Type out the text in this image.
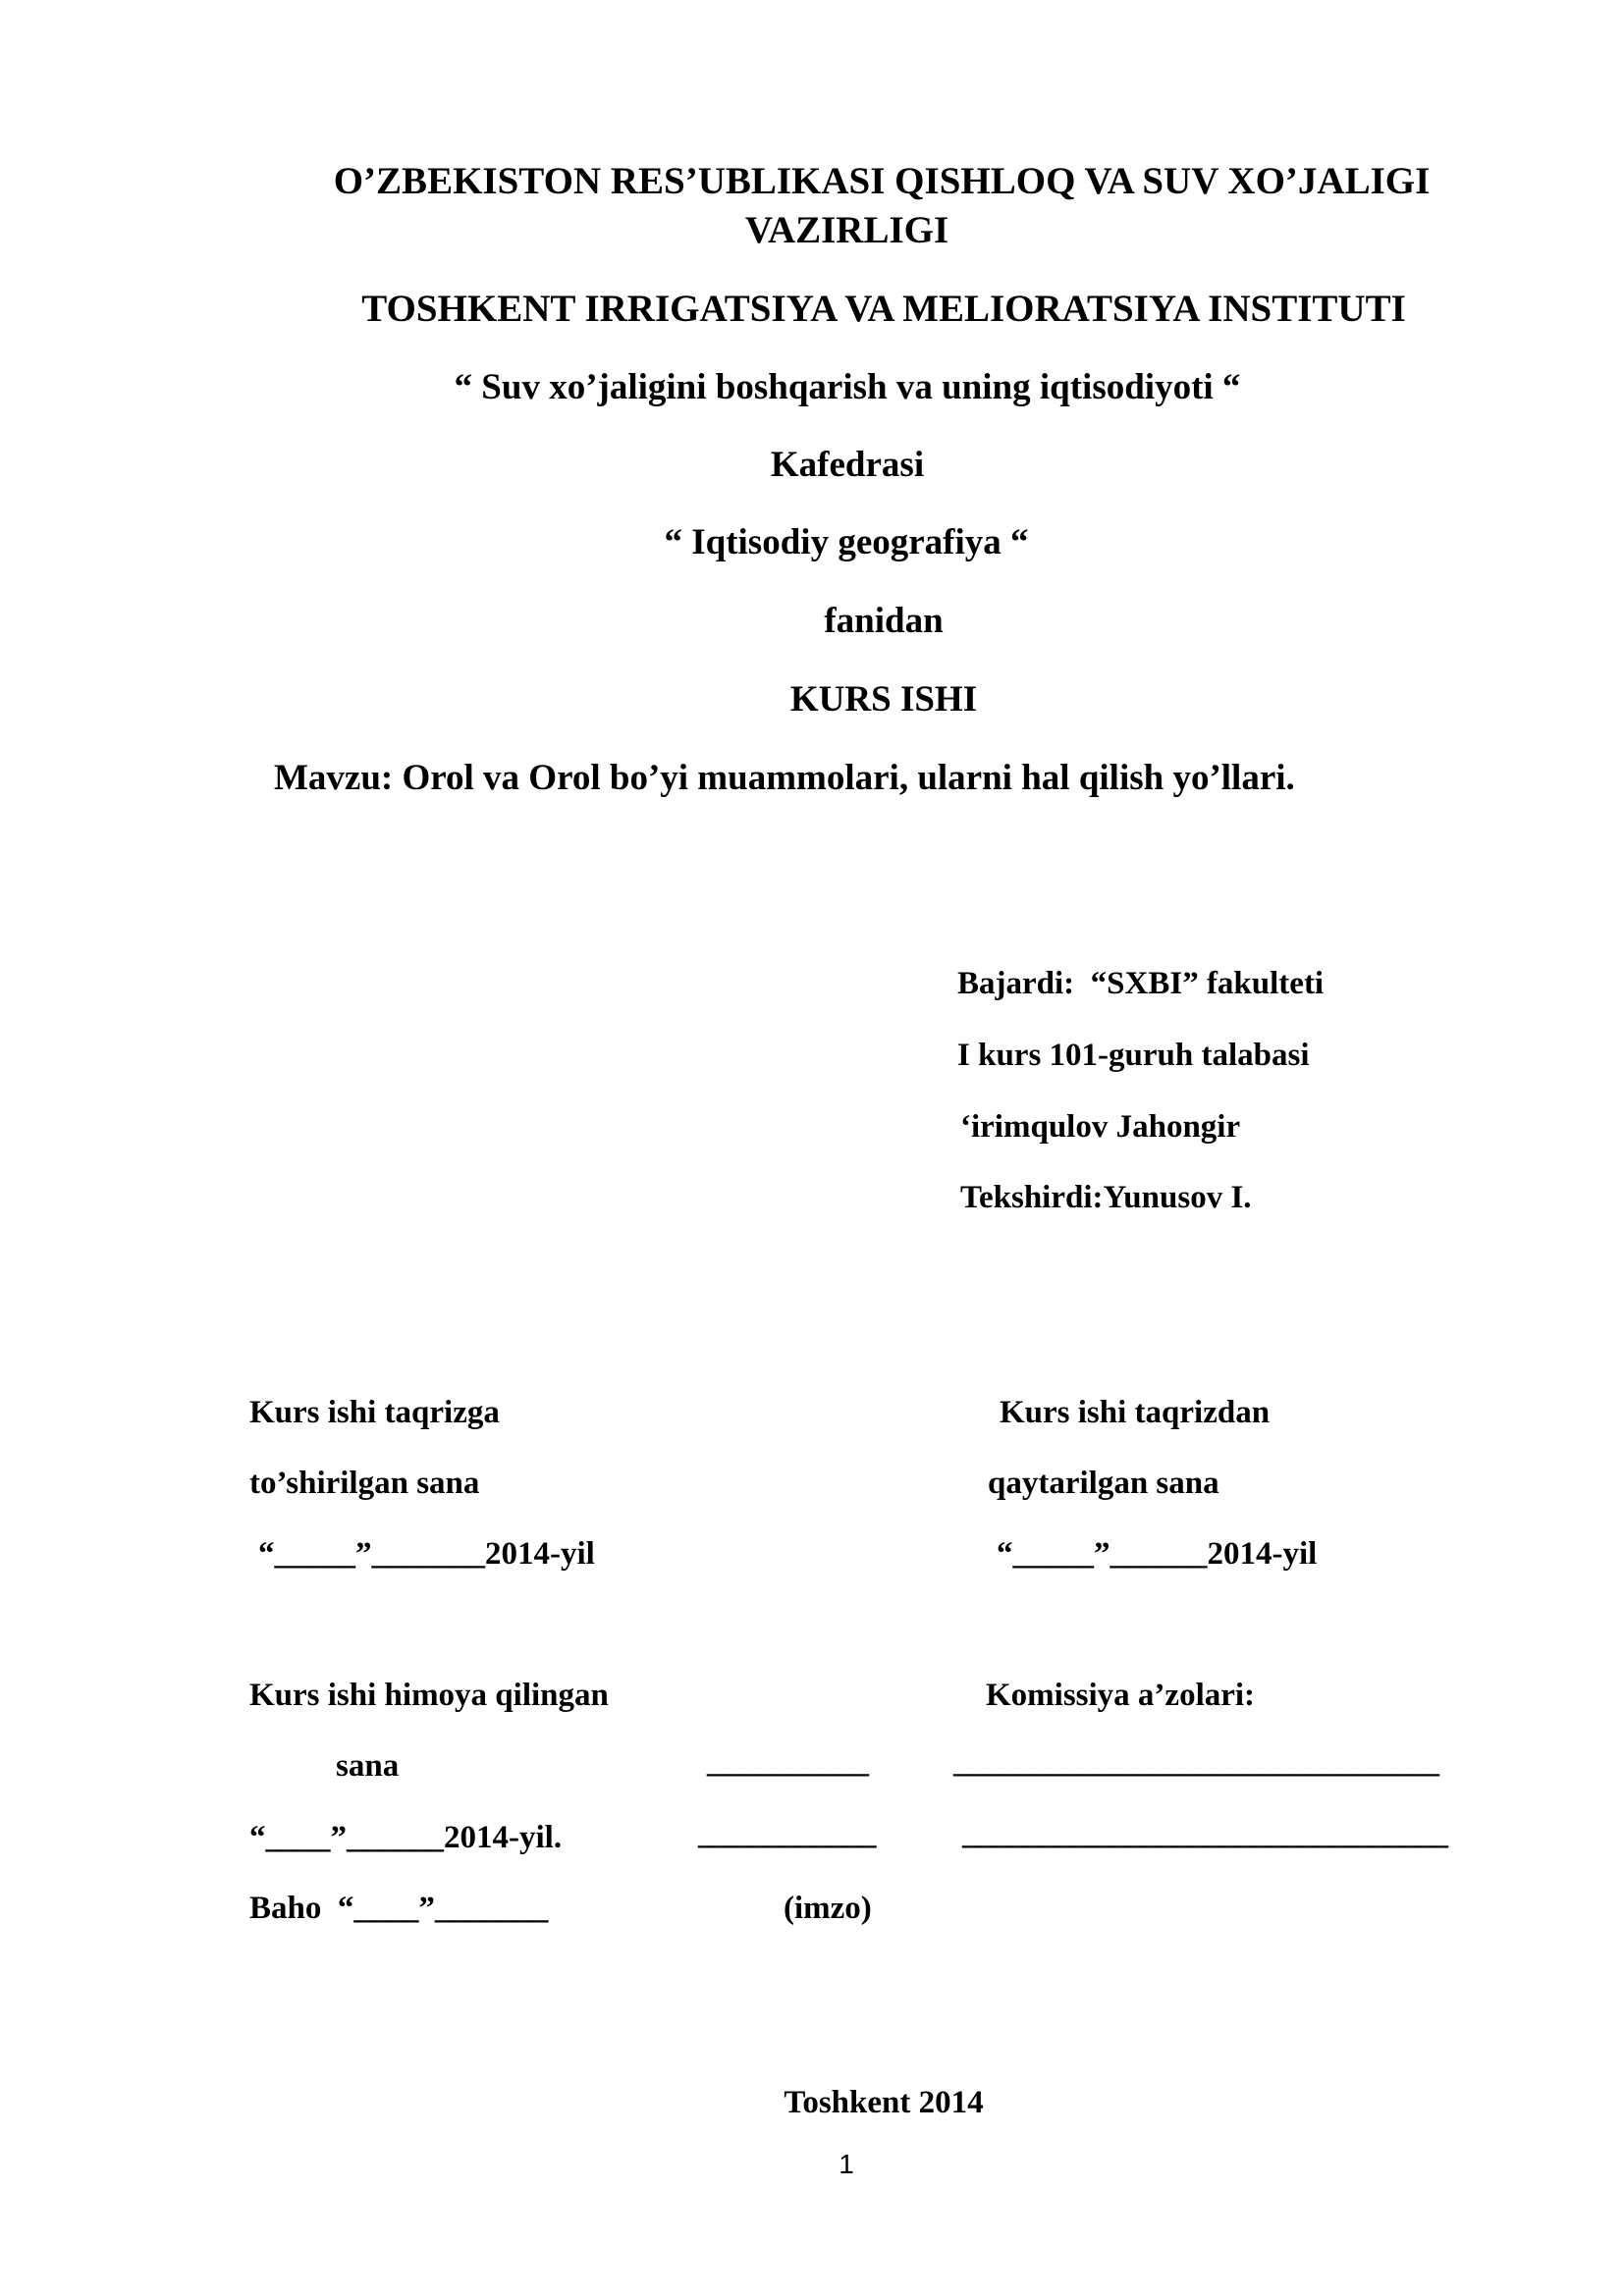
O’ZBEKISTON RES’UBLIKASI QISHLOQ VA SUV XO’JALIGI
VAZIRLIGI
TOSHKENT IRRIGATSIYA VA MELIORATSIYA INSTITUTI
“ Suv xo’jaligini boshqarish va uning iqtisodiyoti “
Kafedrasi
“ Iqtisodiy geografiya “
fanidan
KURS ISHI
Mavzu: Orol va Orol bo’yi muammolari, ularni hal qilish yo’llari.
Bajardi:  “SXBI” fakulteti
I kurs 101-guruh talabasi
‘irimqulov Jahongir
Tekshirdi:Yunusov I.
Kurs ishi taqrizga
to’shirilgan sana
“_____”_______2014-yil
Kurs ishi taqrizdan
qaytarilgan sana
“_____”______2014-yil
Kurs ishi himoya qilingan
sana
“____”______2014-yil.
Baho  “____”_______
Komissiya a’zolari:
__________
___________
______________________________
______________________________
(imzo)
Toshkent 2014
1
